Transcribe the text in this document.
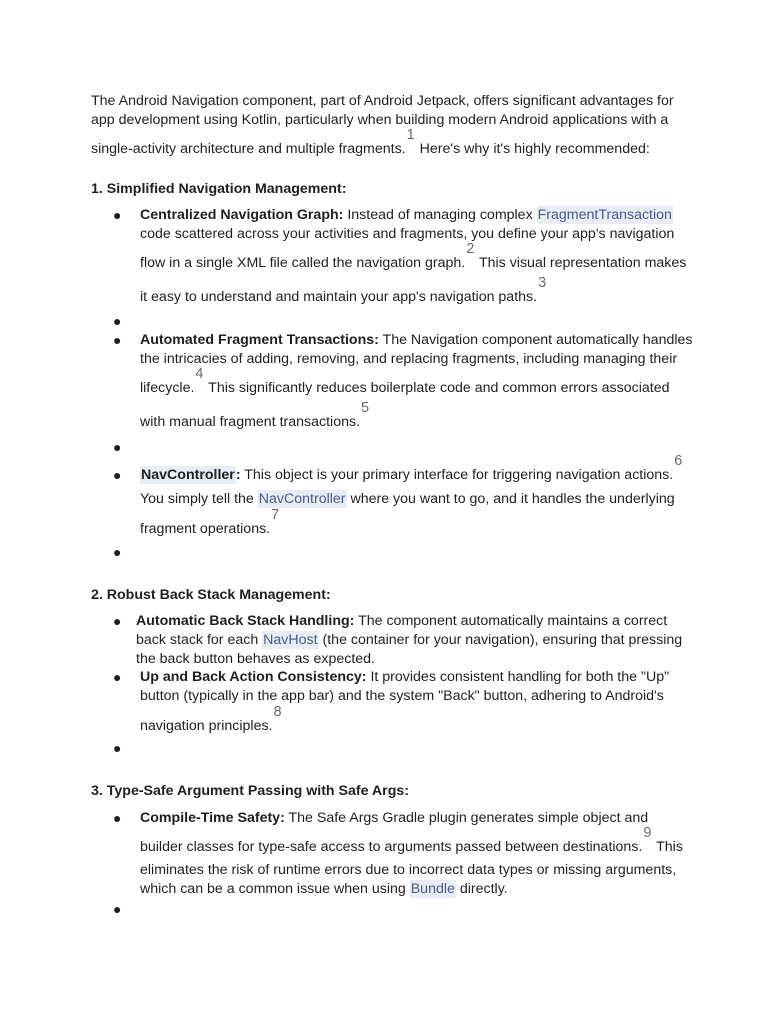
The Android Navigation component, part of Android Jetpack, offers significant advantages for
app development using Kotlin, particularly when building modern Android applications with a
single-activity architecture and multiple fragments.1 Here's why it's highly recommended:
1. Simplified Navigation Management:
● Centralized Navigation Graph: Instead of managing complex FragmentTransaction
code scattered across your activities and fragments, you define your app's navigation
flow in a single XML file called the navigation graph.2 This visual representation makes
it easy to understand and maintain your app's navigation paths.3
●
● Automated Fragment Transactions: The Navigation component automatically handles
the intricacies of adding, removing, and replacing fragments, including managing their
lifecycle.4 This significantly reduces boilerplate code and common errors associated
with manual fragment transactions.5
●
● NavController: This object is your primary interface for triggering navigation actions.6
You simply tell the NavController where you want to go, and it handles the underlying
fragment operations.7
●
2. Robust Back Stack Management:
● Automatic Back Stack Handling: The component automatically maintains a correct
back stack for each NavHost (the container for your navigation), ensuring that pressing
the back button behaves as expected.
● Up and Back Action Consistency: It provides consistent handling for both the "Up"
button (typically in the app bar) and the system "Back" button, adhering to Android's
navigation principles.8
●
3. Type-Safe Argument Passing with Safe Args:
● Compile-Time Safety: The Safe Args Gradle plugin generates simple object and
builder classes for type-safe access to arguments passed between destinations.9 This
eliminates the risk of runtime errors due to incorrect data types or missing arguments,
which can be a common issue when using Bundle directly.
●
